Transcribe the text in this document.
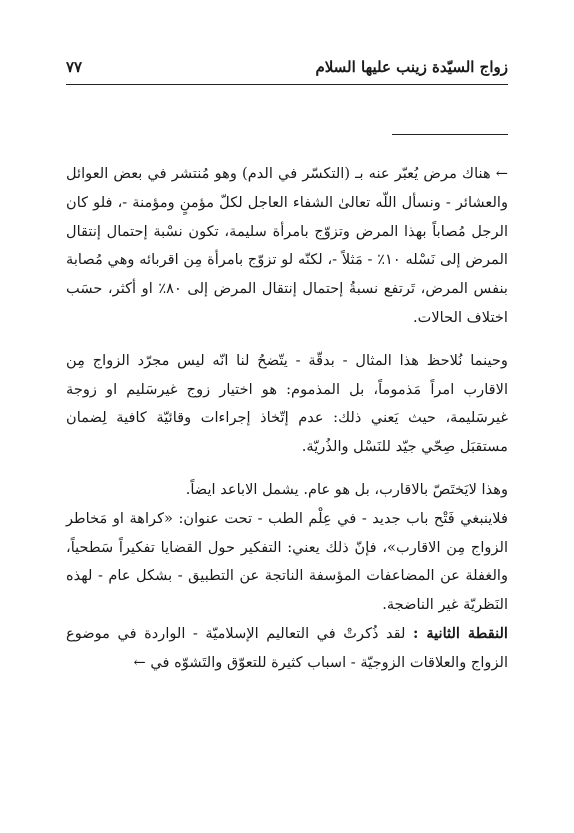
زواج السيّدة زينب عليها السلام
٧٧

← هناك مرض يُعبّر عنه بـ (التكسّر في الدم) وهو مُنتشر في بعض العوائل والعشائر - ونسأل اللّه تعالىٰ الشفاء العاجل لكلّ مؤمنٍ ومؤمنة -، فلو كان الرجل مُصاباً بهذا المرض وتزوّج بامرأة سليمة، تكون نسْبة إحتمال إنتقال المرض إلى نَسْله ١٠٪ - مَثلاً -، لكنّه لو تزوّج بامرأة مِن اقربائه وهي مُصابة بنفس المرض، تَرتفع نسبةُ إحتمال إنتقال المرض إلى ٨٠٪ او أكثر، حسَب اختلاف الحالات.

وحينما نُلاحظ هذا المثال - بدقّة - يتّضحُ لنا انّه ليس مجرّد الزواج مِن الاقارب امراً مَذموماً، بل المذموم: هو اختيار زوج غيرسَليم او زوجة غيرسَليمة، حيث يَعني ذلك: عدم إتّخاذ إجراءات وقائيّة كافية لِضمان مستقبَل صِحّي جيّد للنَسْل والذُريّة.

وهذا لايَختَصّ بالاقارب، بل هو عام. يشمل الاباعد ايضاً.

فلاينبغي فَتْح باب جديد - في عِلْم الطب - تحت عنوان: «كراهة او مَخاطر الزواج مِن الاقارب»، فإنّ ذلك يعني: التفكير حول القضايا تفكيراً سَطحياً، والغفلة عن المضاعفات المؤسفة الناتجة عن التطبيق - بشكل عام - لهذه النَظريّة غير الناضجة.

النقطة الثانية : لقد ذُكرتْ في التعاليم الإسلاميّة - الواردة في موضوع الزواج والعلاقات الزوجيّة - اسباب كثيرة للتعوّق والتَشوّه في ←
